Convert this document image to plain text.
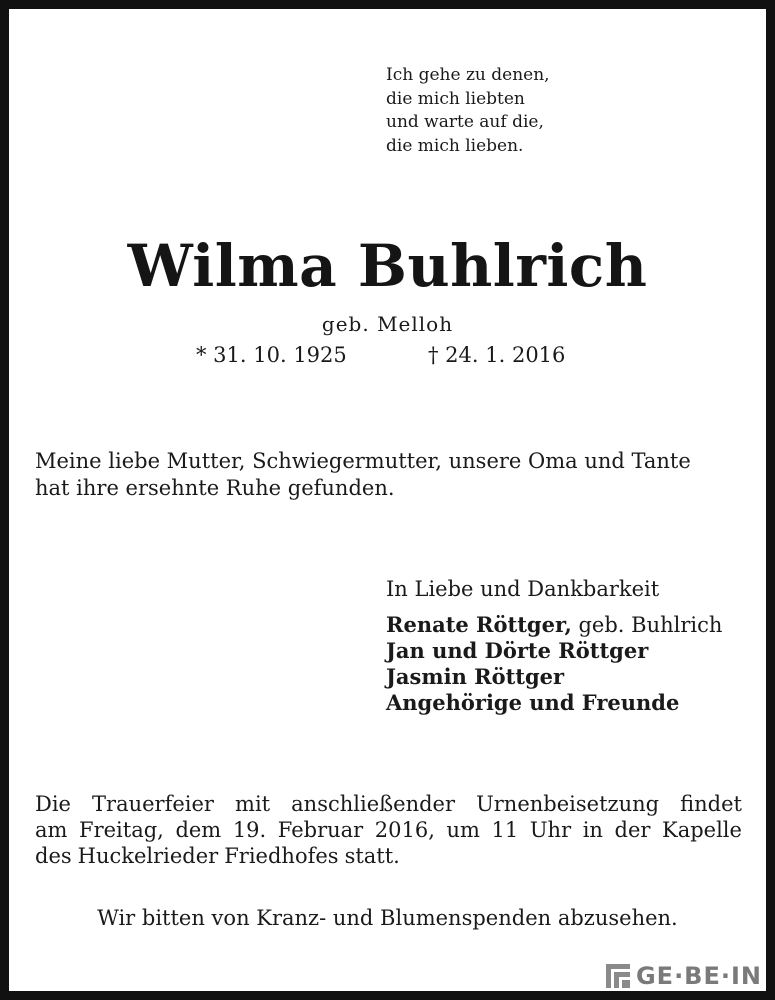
Ich gehe zu denen,
die mich liebten
und warte auf die,
die mich lieben.
Wilma Buhlrich
geb. Melloh
* 31. 10. 1925	† 24. 1. 2016
Meine liebe Mutter, Schwiegermutter, unsere Oma und Tante
hat ihre ersehnte Ruhe gefunden.
In Liebe und Dankbarkeit
Renate Röttger, geb. Buhlrich
Jan und Dörte Röttger
Jasmin Röttger
Angehörige und Freunde
Die Trauerfeier mit anschließender Urnenbeisetzung findet
am Freitag, dem 19. Februar 2016, um 11 Uhr in der Kapelle
des Huckelrieder Friedhofes statt.
Wir bitten von Kranz- und Blumenspenden abzusehen.
GE·BE·IN
